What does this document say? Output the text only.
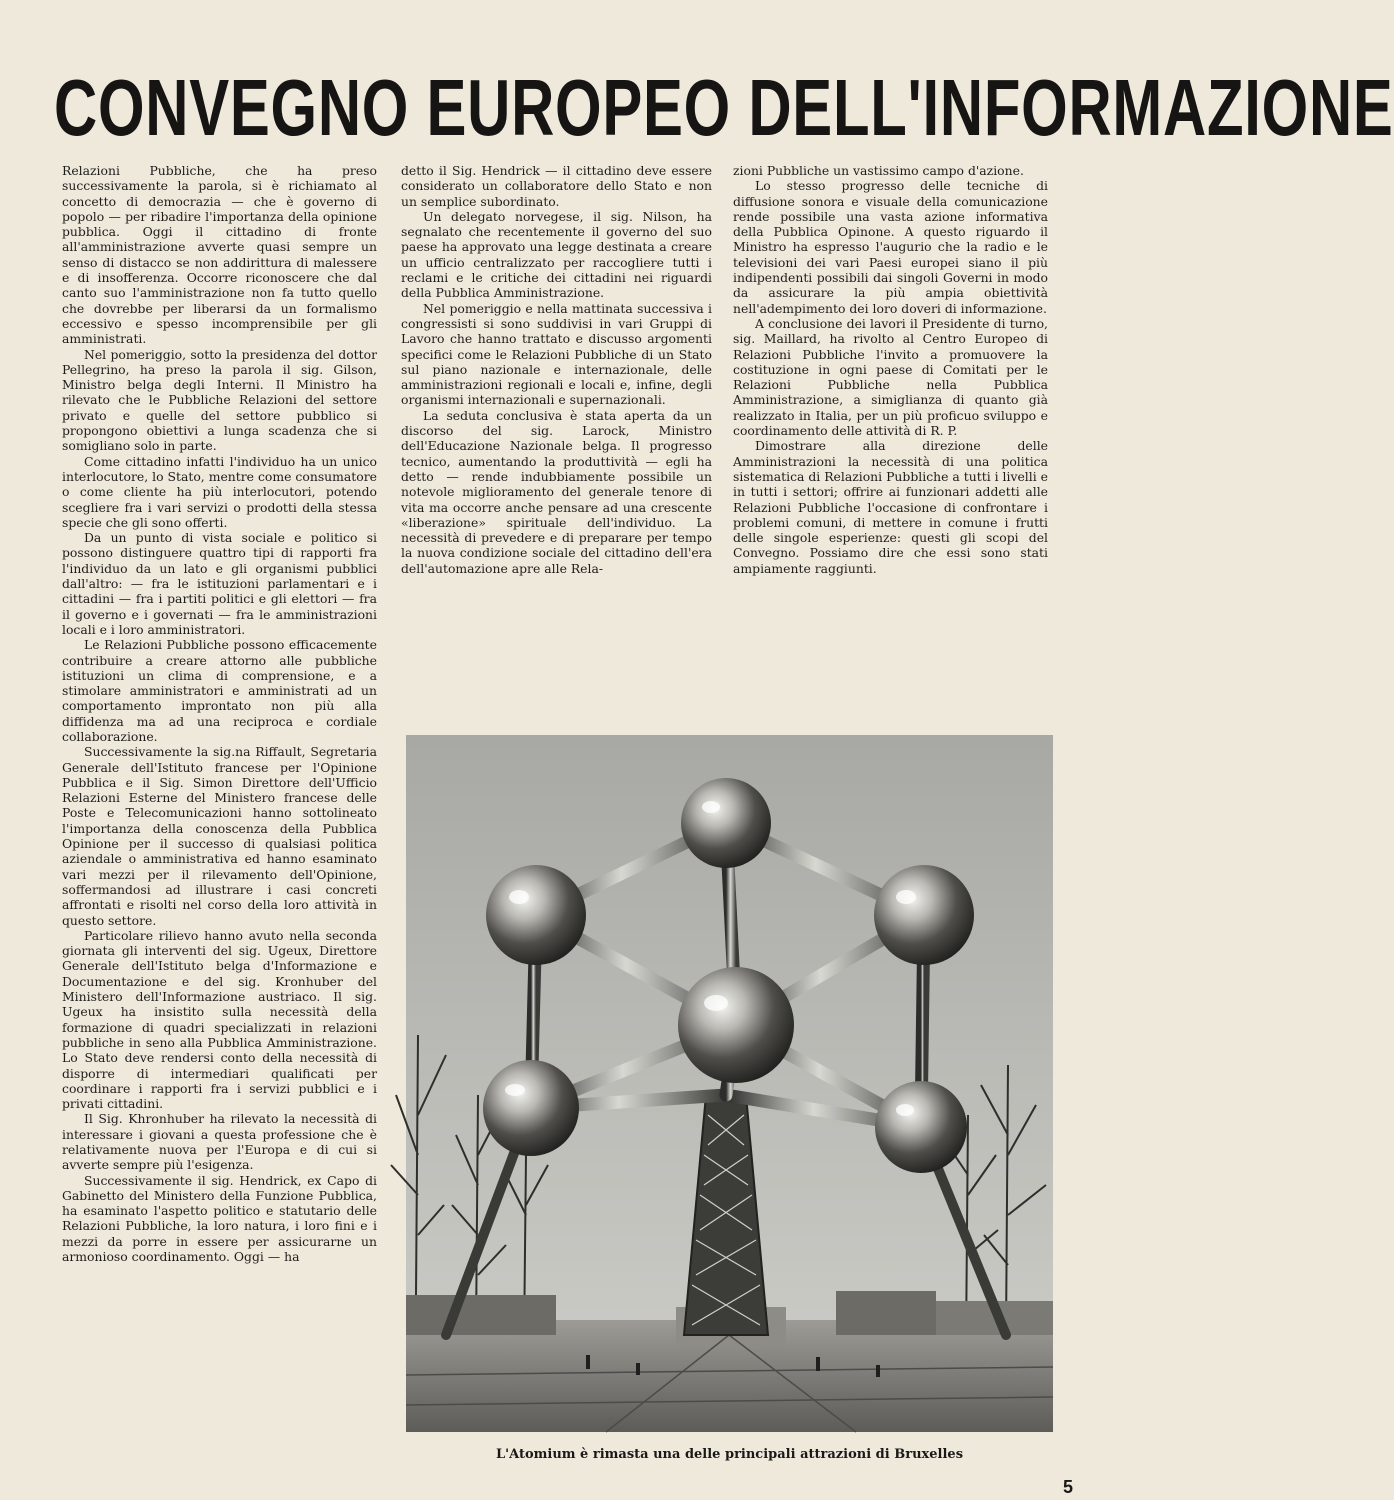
CONVEGNO EUROPEO DELL'INFORMAZIONE

Relazioni Pubbliche, che ha preso successivamente la parola, si è richiamato al concetto di democrazia — che è governo di popolo — per ribadire l'importanza della opinione pubblica. Oggi il cittadino di fronte all'amministrazione avverte quasi sempre un senso di distacco se non addirittura di malessere e di insofferenza. Occorre riconoscere che dal canto suo l'amministrazione non fa tutto quello che dovrebbe per liberarsi da un formalismo eccessivo e spesso incomprensibile per gli amministrati.

Nel pomeriggio, sotto la presidenza del dottor Pellegrino, ha preso la parola il sig. Gilson, Ministro belga degli Interni. Il Ministro ha rilevato che le Pubbliche Relazioni del settore privato e quelle del settore pubblico si propongono obiettivi a lunga scadenza che si somigliano solo in parte.

Come cittadino infatti l'individuo ha un unico interlocutore, lo Stato, mentre come consumatore o come cliente ha più interlocutori, potendo scegliere fra i vari servizi o prodotti della stessa specie che gli sono offerti.

Da un punto di vista sociale e politico si possono distinguere quattro tipi di rapporti fra l'individuo da un lato e gli organismi pubblici dall'altro: — fra le istituzioni parlamentari e i cittadini — fra i partiti politici e gli elettori — fra il governo e i governati — fra le amministrazioni locali e i loro amministratori.

Le Relazioni Pubbliche possono efficacemente contribuire a creare attorno alle pubbliche istituzioni un clima di comprensione, e a stimolare amministratori e amministrati ad un comportamento improntato non più alla diffidenza ma ad una reciproca e cordiale collaborazione.

Successivamente la sig.na Riffault, Segretaria Generale dell'Istituto francese per l'Opinione Pubblica e il Sig. Simon Direttore dell'Ufficio Relazioni Esterne del Ministero francese delle Poste e Telecomunicazioni hanno sottolineato l'importanza della conoscenza della Pubblica Opinione per il successo di qualsiasi politica aziendale o amministrativa ed hanno esaminato vari mezzi per il rilevamento dell'Opinione, soffermandosi ad illustrare i casi concreti affrontati e risolti nel corso della loro attività in questo settore.

Particolare rilievo hanno avuto nella seconda giornata gli interventi del sig. Ugeux, Direttore Generale dell'Istituto belga d'Informazione e Documentazione e del sig. Kronhuber del Ministero dell'Informazione austriaco. Il sig. Ugeux ha insistito sulla necessità della formazione di quadri specializzati in relazioni pubbliche in seno alla Pubblica Amministrazione. Lo Stato deve rendersi conto della necessità di disporre di intermediari qualificati per coordinare i rapporti fra i servizi pubblici e i privati cittadini.

Il Sig. Khronhuber ha rilevato la necessità di interessare i giovani a questa professione che è relativamente nuova per l'Europa e di cui si avverte sempre più l'esigenza.

Successivamente il sig. Hendrick, ex Capo di Gabinetto del Ministero della Funzione Pubblica, ha esaminato l'aspetto politico e statutario delle Relazioni Pubbliche, la loro natura, i loro fini e i mezzi da porre in essere per assicurarne un armonioso coordinamento. Oggi — ha

detto il Sig. Hendrick — il cittadino deve essere considerato un collaboratore dello Stato e non un semplice subordinato.

Un delegato norvegese, il sig. Nilson, ha segnalato che recentemente il governo del suo paese ha approvato una legge destinata a creare un ufficio centralizzato per raccogliere tutti i reclami e le critiche dei cittadini nei riguardi della Pubblica Amministrazione.

Nel pomeriggio e nella mattinata successiva i congressisti si sono suddivisi in vari Gruppi di Lavoro che hanno trattato e discusso argomenti specifici come le Relazioni Pubbliche di un Stato sul piano nazionale e internazionale, delle amministrazioni regionali e locali e, infine, degli organismi internazionali e supernazionali.

La seduta conclusiva è stata aperta da un discorso del sig. Larock, Ministro dell'Educazione Nazionale belga. Il progresso tecnico, aumentando la produttività — egli ha detto — rende indubbiamente possibile un notevole miglioramento del generale tenore di vita ma occorre anche pensare ad una crescente «liberazione» spirituale dell'individuo. La necessità di prevedere e di preparare per tempo la nuova condizione sociale del cittadino dell'era dell'automazione apre alle Rela-

zioni Pubbliche un vastissimo campo d'azione.

Lo stesso progresso delle tecniche di diffusione sonora e visuale della comunicazione rende possibile una vasta azione informativa della Pubblica Opinone. A questo riguardo il Ministro ha espresso l'augurio che la radio e le televisioni dei vari Paesi europei siano il più indipendenti possibili dai singoli Governi in modo da assicurare la più ampia obiettività nell'adempimento dei loro doveri di informazione.

A conclusione dei lavori il Presidente di turno, sig. Maillard, ha rivolto al Centro Europeo di Relazioni Pubbliche l'invito a promuovere la costituzione in ogni paese di Comitati per le Relazioni Pubbliche nella Pubblica Amministrazione, a simiglianza di quanto già realizzato in Italia, per un più proficuo sviluppo e coordinamento delle attività di R. P.

Dimostrare alla direzione delle Amministrazioni la necessità di una politica sistematica di Relazioni Pubbliche a tutti i livelli e in tutti i settori; offrire ai funzionari addetti alle Relazioni Pubbliche l'occasione di confrontare i problemi comuni, di mettere in comune i frutti delle singole esperienze: questi gli scopi del Convegno. Possiamo dire che essi sono stati ampiamente raggiunti.

L'Atomium è rimasta una delle principali attrazioni di Bruxelles
5
